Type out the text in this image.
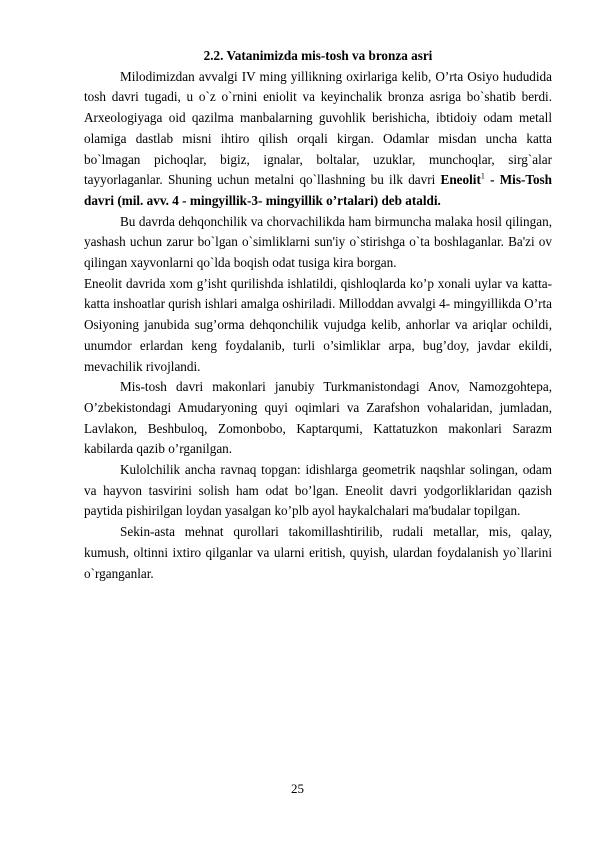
2.2. Vatanimizda mis-tosh va bronza asri

Milodimizdan avvalgi IV ming yillikning oxirlariga kelib, O’rta Osiyo hududida tosh davri tugadi, u o`z o`rnini eniolit va keyinchalik bronza asriga bo`shatib berdi. Arxeologiyaga oid qazilma manbalarning guvohlik berishicha, ibtidoiy odam metall olamiga dastlab misni ihtiro qilish orqali kirgan. Odamlar misdan uncha katta bo`lmagan pichoqlar, bigiz, ignalar, boltalar, uzuklar, munchoqlar, sirg`alar tayyorlaganlar. Shuning uchun metalni qo`llashning bu ilk davri Eneolit$^1$ - Mis-Tosh davri (mil. avv. 4 - mingyillik-3- mingyillik o’rtalari) deb ataldi.

Bu davrda dehqonchilik va chorvachilikda ham birmuncha malaka hosil qilingan, yashash uchun zarur bo`lgan o`simliklarni sun'iy o`stirishga o`ta boshlaganlar. Ba'zi ov qilingan xayvonlarni qo`lda boqish odat tusiga kira borgan.

Eneolit davrida xom g’isht qurilishda ishlatildi, qishloqlarda ko’p xonali uylar va katta-katta inshoatlar qurish ishlari amalga oshiriladi. Milloddan avvalgi 4- mingyillikda O’rta Osiyoning janubida sug’orma dehqonchilik vujudga kelib, anhorlar va ariqlar ochildi, unumdor erlardan keng foydalanib, turli o’simliklar arpa, bug’doy, javdar ekildi, mevachilik rivojlandi.

Mis-tosh davri makonlari janubiy Turkmanistondagi Anov, Namozgohtepa, O’zbekistondagi Amudaryoning quyi oqimlari va Zarafshon vohalaridan, jumladan, Lavlakon, Beshbuloq, Zomonbobo, Kaptarqumi, Kattatuzkon makonlari Sarazm kabilarda qazib o’rganilgan.

Kulolchilik ancha ravnaq topgan: idishlarga geometrik naqshlar solingan, odam va hayvon tasvirini solish ham odat bo’lgan. Eneolit davri yodgorliklaridan qazish paytida pishirilgan loydan yasalgan ko’plb ayol haykalchalari ma'budalar topilgan.

Sekin-asta mehnat qurollari takomillashtirilib, rudali metallar, mis, qalay, kumush, oltinni ixtiro qilganlar va ularni eritish, quyish, ulardan foydalanish yo`llarini o`rganganlar.

25
